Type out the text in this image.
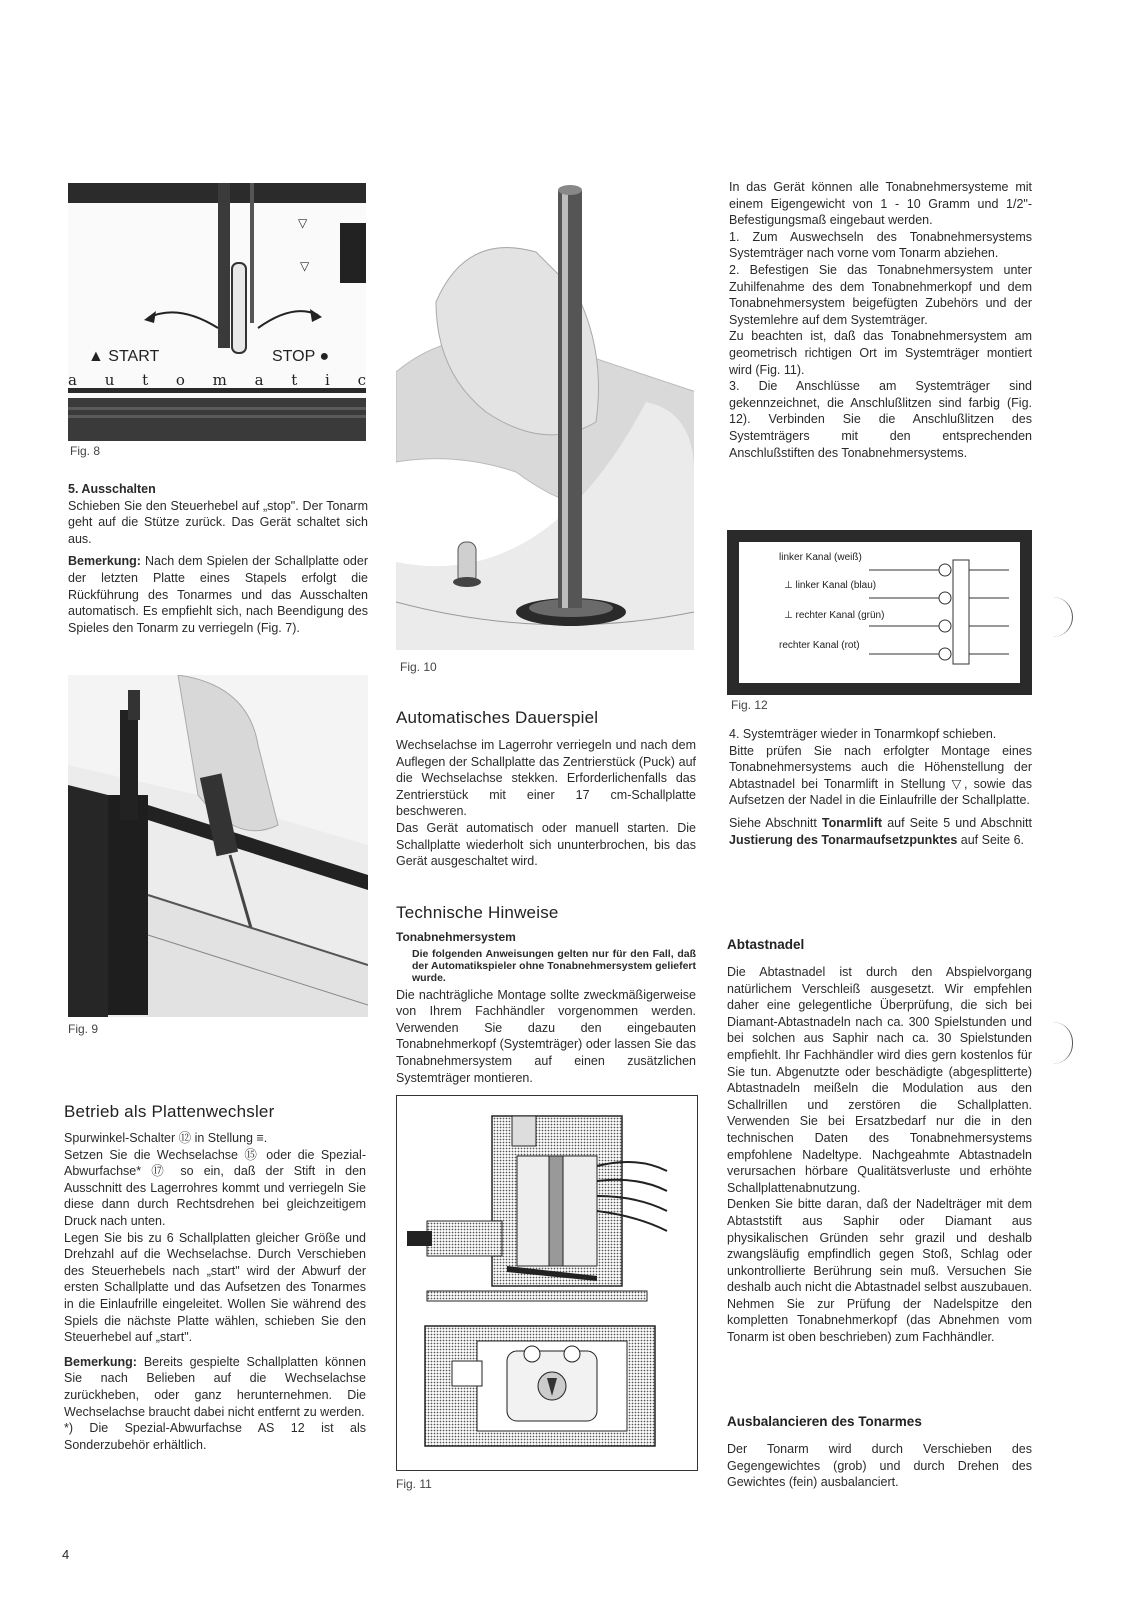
▽
▽
▲ START	STOP ●
a u t o m a t i c
Fig. 8

5. Ausschalten

Schieben Sie den Steuerhebel auf „stop". Der Tonarm geht auf die Stütze zurück. Das Gerät schaltet sich aus.

Bemerkung: Nach dem Spielen der Schallplatte oder der letzten Platte eines Stapels erfolgt die Rückführung des Tonarmes und das Ausschalten automatisch. Es empfiehlt sich, nach Beendigung des Spieles den Tonarm zu verriegeln (Fig. 7).

Fig. 9
Betrieb als Plattenwechsler

Spurwinkel-Schalter ⑫ in Stellung ≡.

Setzen Sie die Wechselachse ⑮ oder die Spezial-Abwurfachse* ⑰ so ein, daß der Stift in den Ausschnitt des Lagerrohres kommt und verriegeln Sie diese dann durch Rechtsdrehen bei gleichzeitigem Druck nach unten.

Legen Sie bis zu 6 Schallplatten gleicher Größe und Drehzahl auf die Wechselachse. Durch Verschieben des Steuerhebels nach „start" wird der Abwurf der ersten Schallplatte und das Aufsetzen des Tonarmes in die Einlaufrille eingeleitet. Wollen Sie während des Spiels die nächste Platte wählen, schieben Sie den Steuerhebel auf „start".

Bemerkung: Bereits gespielte Schallplatten können Sie nach Belieben auf die Wechselachse zurückheben, oder ganz herunternehmen. Die Wechselachse braucht dabei nicht entfernt zu werden.

*) Die Spezial-Abwurfachse AS 12 ist als Sonderzubehör erhältlich.

Fig. 10
Automatisches Dauerspiel

Wechselachse im Lagerrohr verriegeln und nach dem Auflegen der Schallplatte das Zentrierstück (Puck) auf die Wechselachse stekken. Erforderlichenfalls das Zentrierstück mit einer 17 cm-Schallplatte beschweren.

Das Gerät automatisch oder manuell starten. Die Schallplatte wiederholt sich ununterbrochen, bis das Gerät ausgeschaltet wird.

Technische Hinweise

Tonabnehmersystem

Die folgenden Anweisungen gelten nur für den Fall, daß der Automatikspieler ohne Tonabnehmersystem geliefert wurde.

Die nachträgliche Montage sollte zweckmäßigerweise von Ihrem Fachhändler vorgenommen werden. Verwenden Sie dazu den eingebauten Tonabnehmerkopf (Systemträger) oder lassen Sie das Tonabnehmersystem auf einen zusätzlichen Systemträger montieren.

Fig. 11

In das Gerät können alle Tonabnehmersysteme mit einem Eigengewicht von 1 - 10 Gramm und 1/2"-Befestigungsmaß eingebaut werden.

1. Zum Auswechseln des Tonabnehmersystems Systemträger nach vorne vom Tonarm abziehen.

2. Befestigen Sie das Tonabnehmersystem unter Zuhilfenahme des dem Tonabnehmerkopf und dem Tonabnehmersystem beigefügten Zubehörs und der Systemlehre auf dem Systemträger.

Zu beachten ist, daß das Tonabnehmersystem am geometrisch richtigen Ort im Systemträger montiert wird (Fig. 11).

3. Die Anschlüsse am Systemträger sind gekennzeichnet, die Anschlußlitzen sind farbig (Fig. 12). Verbinden Sie die Anschlußlitzen des Systemträgers mit den entsprechenden Anschlußstiften des Tonabnehmersystems.

linker Kanal (weiß)
⊥ linker Kanal (blau)
⊥ rechter Kanal (grün)
rechter Kanal (rot)
Fig. 12

4. Systemträger wieder in Tonarmkopf schieben.

Bitte prüfen Sie nach erfolgter Montage eines Tonabnehmersystems auch die Höhenstellung der Abtastnadel bei Tonarmlift in Stellung ▽, sowie das Aufsetzen der Nadel in die Einlaufrille der Schallplatte.

Siehe Abschnitt Tonarmlift auf Seite 5 und Abschnitt Justierung des Tonarmaufsetzpunktes auf Seite 6.

Abtastnadel

Die Abtastnadel ist durch den Abspielvorgang natürlichem Verschleiß ausgesetzt. Wir empfehlen daher eine gelegentliche Überprüfung, die sich bei Diamant-Abtastnadeln nach ca. 300 Spielstunden und bei solchen aus Saphir nach ca. 30 Spielstunden empfiehlt. Ihr Fachhändler wird dies gern kostenlos für Sie tun. Abgenutzte oder beschädigte (abgesplitterte) Abtastnadeln meißeln die Modulation aus den Schallrillen und zerstören die Schallplatten. Verwenden Sie bei Ersatzbedarf nur die in den technischen Daten des Tonabnehmersystems empfohlene Nadeltype. Nachgeahmte Abtastnadeln verursachen hörbare Qualitätsverluste und erhöhte Schallplattenabnutzung.

Denken Sie bitte daran, daß der Nadelträger mit dem Abtaststift aus Saphir oder Diamant aus physikalischen Gründen sehr grazil und deshalb zwangsläufig empfindlich gegen Stoß, Schlag oder unkontrollierte Berührung sein muß. Versuchen Sie deshalb auch nicht die Abtastnadel selbst auszubauen. Nehmen Sie zur Prüfung der Nadelspitze den kompletten Tonabnehmerkopf (das Abnehmen vom Tonarm ist oben beschrieben) zum Fachhändler.

Ausbalancieren des Tonarmes

Der Tonarm wird durch Verschieben des Gegengewichtes (grob) und durch Drehen des Gewichtes (fein) ausbalanciert.

4
